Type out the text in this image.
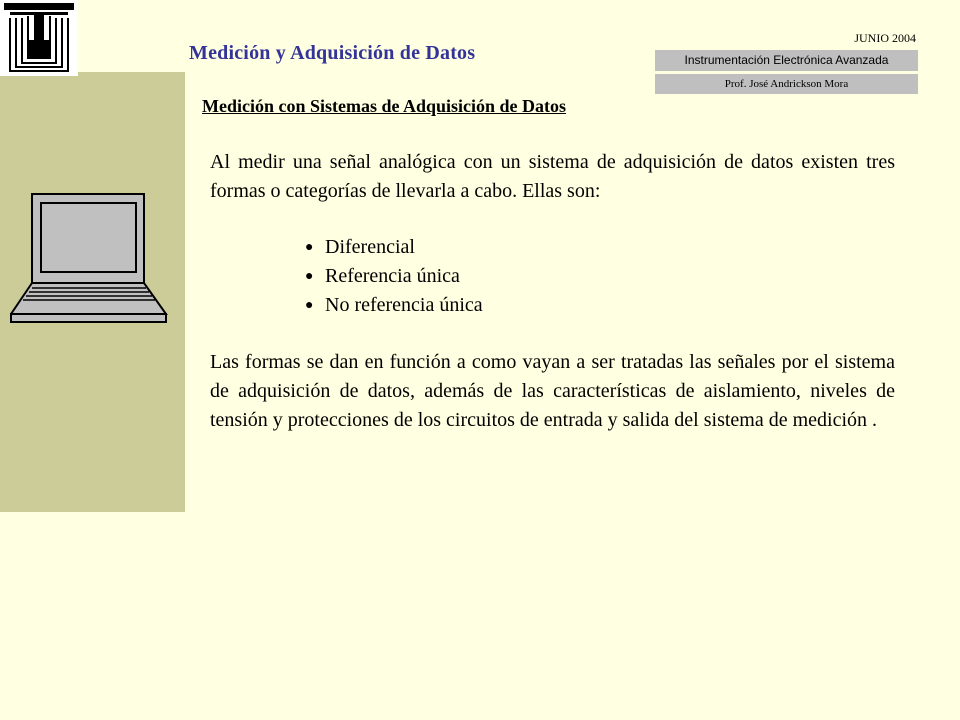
Medición y Adquisición de Datos
JUNIO 2004
Instrumentación Electrónica Avanzada
Prof. José Andrickson Mora
Medición con Sistemas de Adquisición de Datos

Al medir una señal analógica con un sistema de adquisición de datos existen tres formas o categorías de llevarla a cabo. Ellas son:

● Diferencial
● Referencia única
● No referencia única

Las formas se dan en función a como vayan a ser tratadas las señales por el sistema de adquisición de datos, además de las características de aislamiento, niveles de tensión y protecciones de los circuitos de entrada y salida del sistema de medición .
